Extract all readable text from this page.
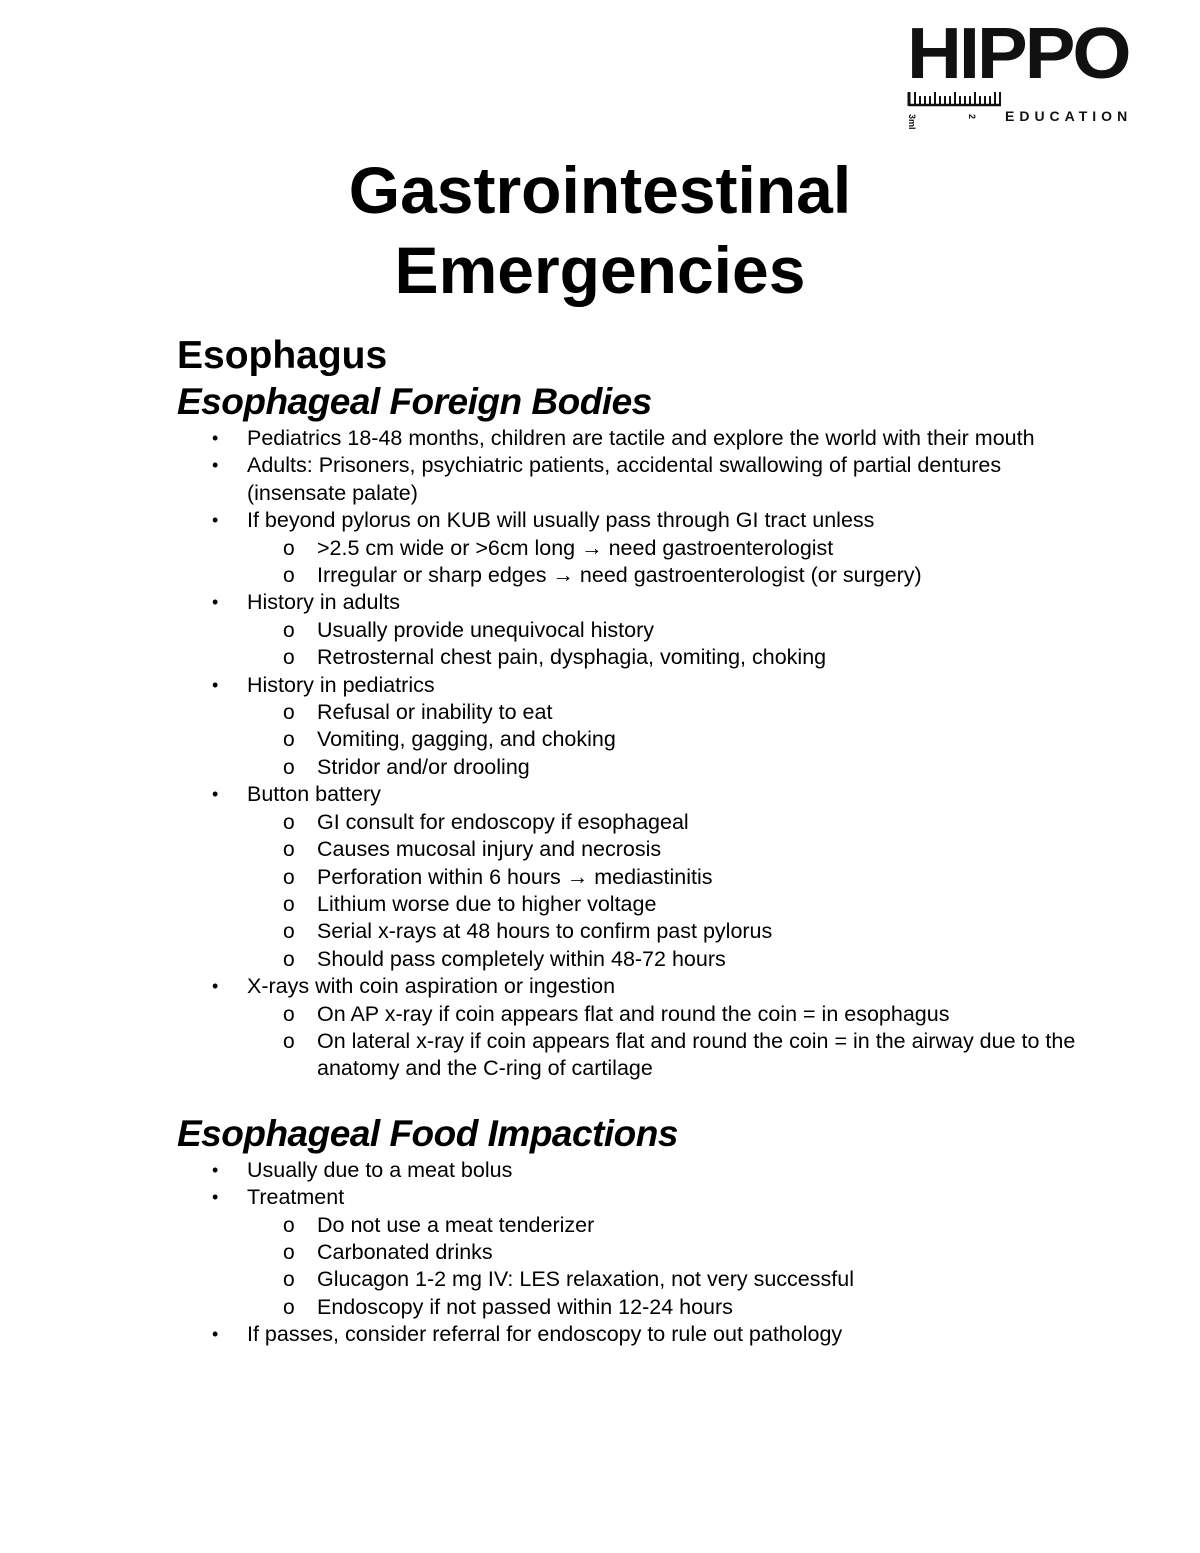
HIPPO
3ml	2 EDUCATION
Gastrointestinal
Emergencies
Esophagus
Esophageal Foreign Bodies
• Pediatrics 18-48 months, children are tactile and explore the world with their mouth
• Adults: Prisoners, psychiatric patients, accidental swallowing of partial dentures (insensate palate)
• If beyond pylorus on KUB will usually pass through GI tract unless
o >2.5 cm wide or >6cm long → need gastroenterologist
o Irregular or sharp edges → need gastroenterologist (or surgery)
• History in adults
o Usually provide unequivocal history
o Retrosternal chest pain, dysphagia, vomiting, choking
• History in pediatrics
o Refusal or inability to eat
o Vomiting, gagging, and choking
o Stridor and/or drooling
• Button battery
o GI consult for endoscopy if esophageal
o Causes mucosal injury and necrosis
o Perforation within 6 hours → mediastinitis
o Lithium worse due to higher voltage
o Serial x-rays at 48 hours to confirm past pylorus
o Should pass completely within 48-72 hours
• X-rays with coin aspiration or ingestion
o On AP x-ray if coin appears flat and round the coin = in esophagus
o On lateral x-ray if coin appears flat and round the coin = in the airway due to the anatomy and the C-ring of cartilage
Esophageal Food Impactions
• Usually due to a meat bolus
• Treatment
o Do not use a meat tenderizer
o Carbonated drinks
o Glucagon 1-2 mg IV: LES relaxation, not very successful
o Endoscopy if not passed within 12-24 hours
• If passes, consider referral for endoscopy to rule out pathology
